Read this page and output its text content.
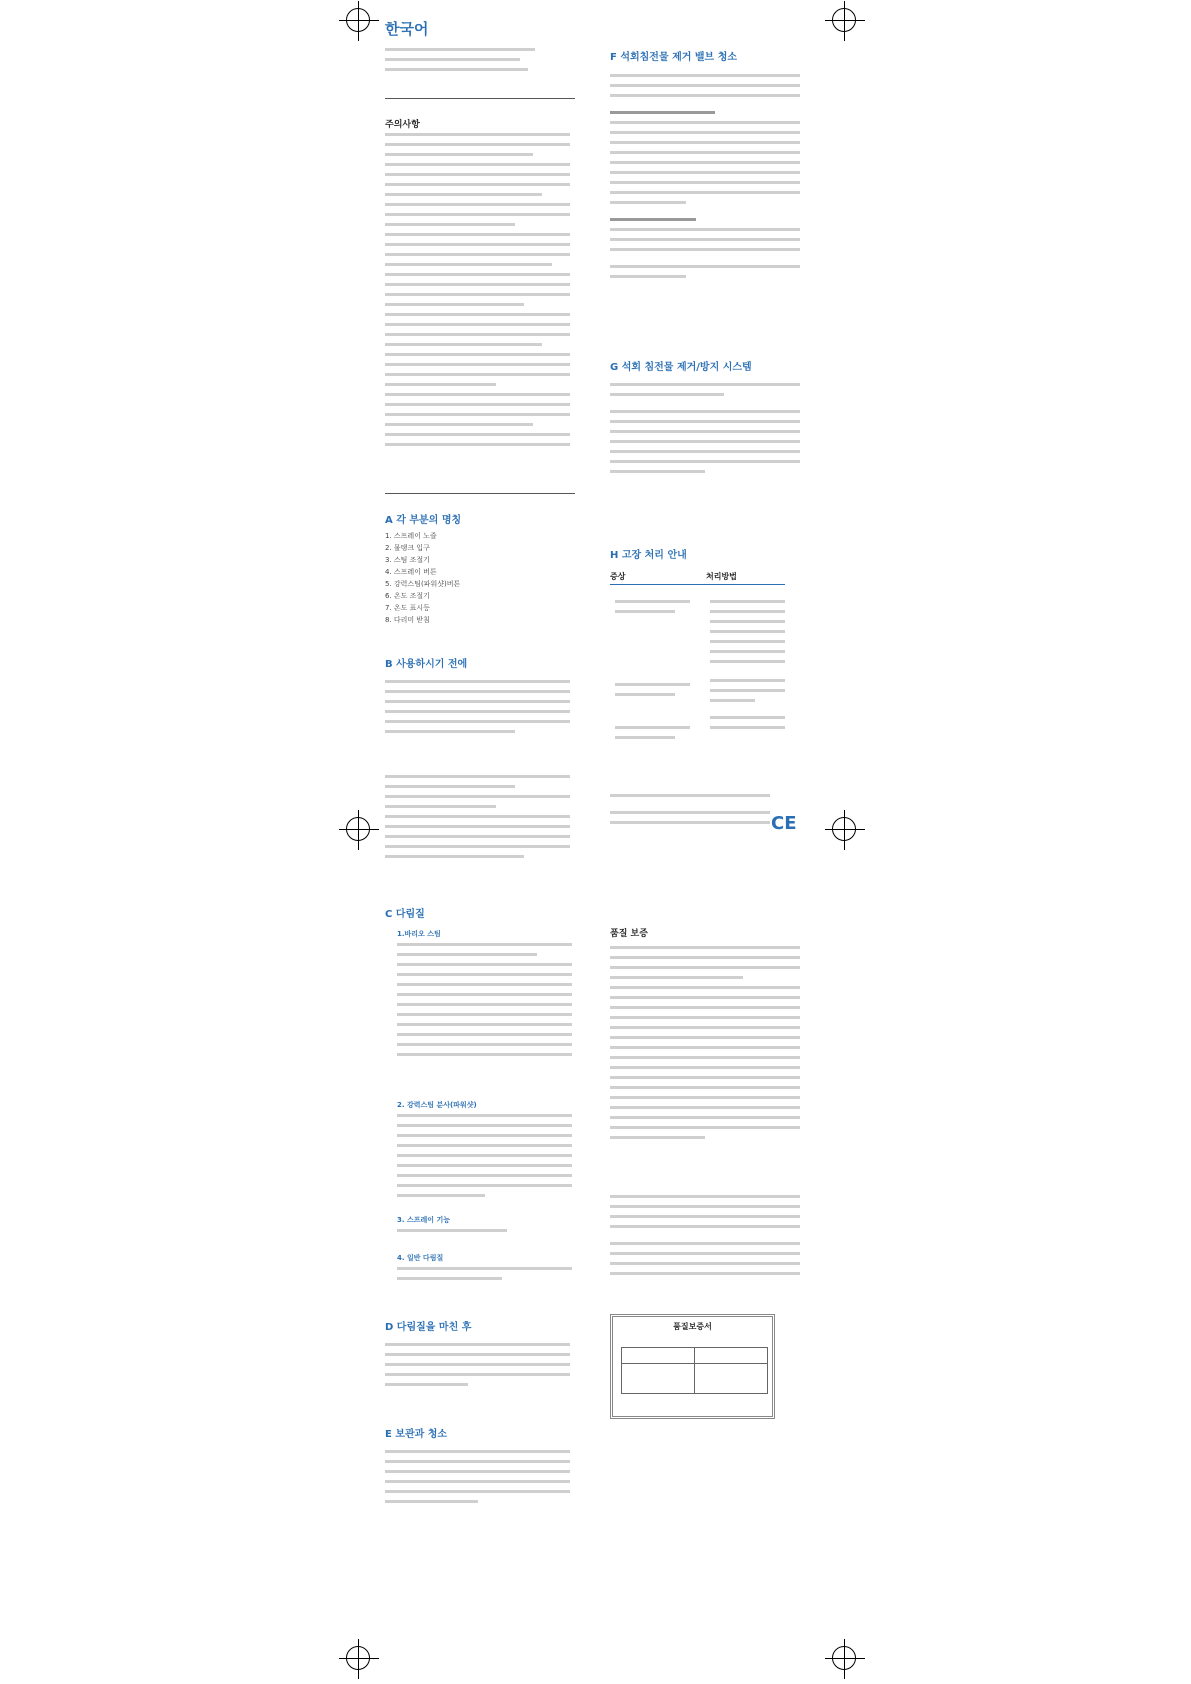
한국어
주의사항
A 각 부분의 명칭
1. 스프레이 노즐
2. 물탱크 입구
3. 스팀 조절기
4. 스프레이 버튼
5. 강력스팀(파워샷)버튼
6. 온도 조절기
7. 온도 표시등
8. 다리미 받침
B 사용하시기 전에
C 다림질
1.바리오 스팀
2. 강력스팀 분사(파워샷)
3. 스프레이 기능
4. 일반 다림질
D 다림질을 마친 후
E 보관과 청소
F 석회침전물 제거 밸브 청소
G 석회 침전물 제거/방지 시스템
H 고장 처리 안내
증상	처리방법
CE
품질 보증
품질보증서
